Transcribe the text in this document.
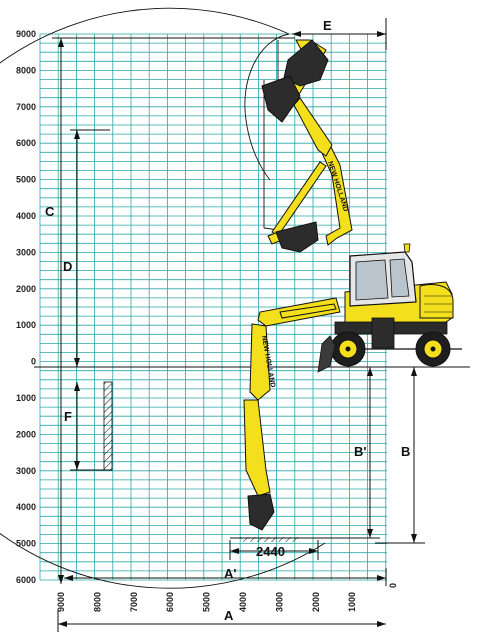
NEW HOLLAND
NEW HOLLAND
9000
8000
7000
6000
5000
4000
3000
2000
1000
0
1000
2000
3000
4000
5000
6000
9000	8000	7000	6000	5000	4000	3000	2000	1000
0
C
D
F
E
B
B'
2440
A'
A
